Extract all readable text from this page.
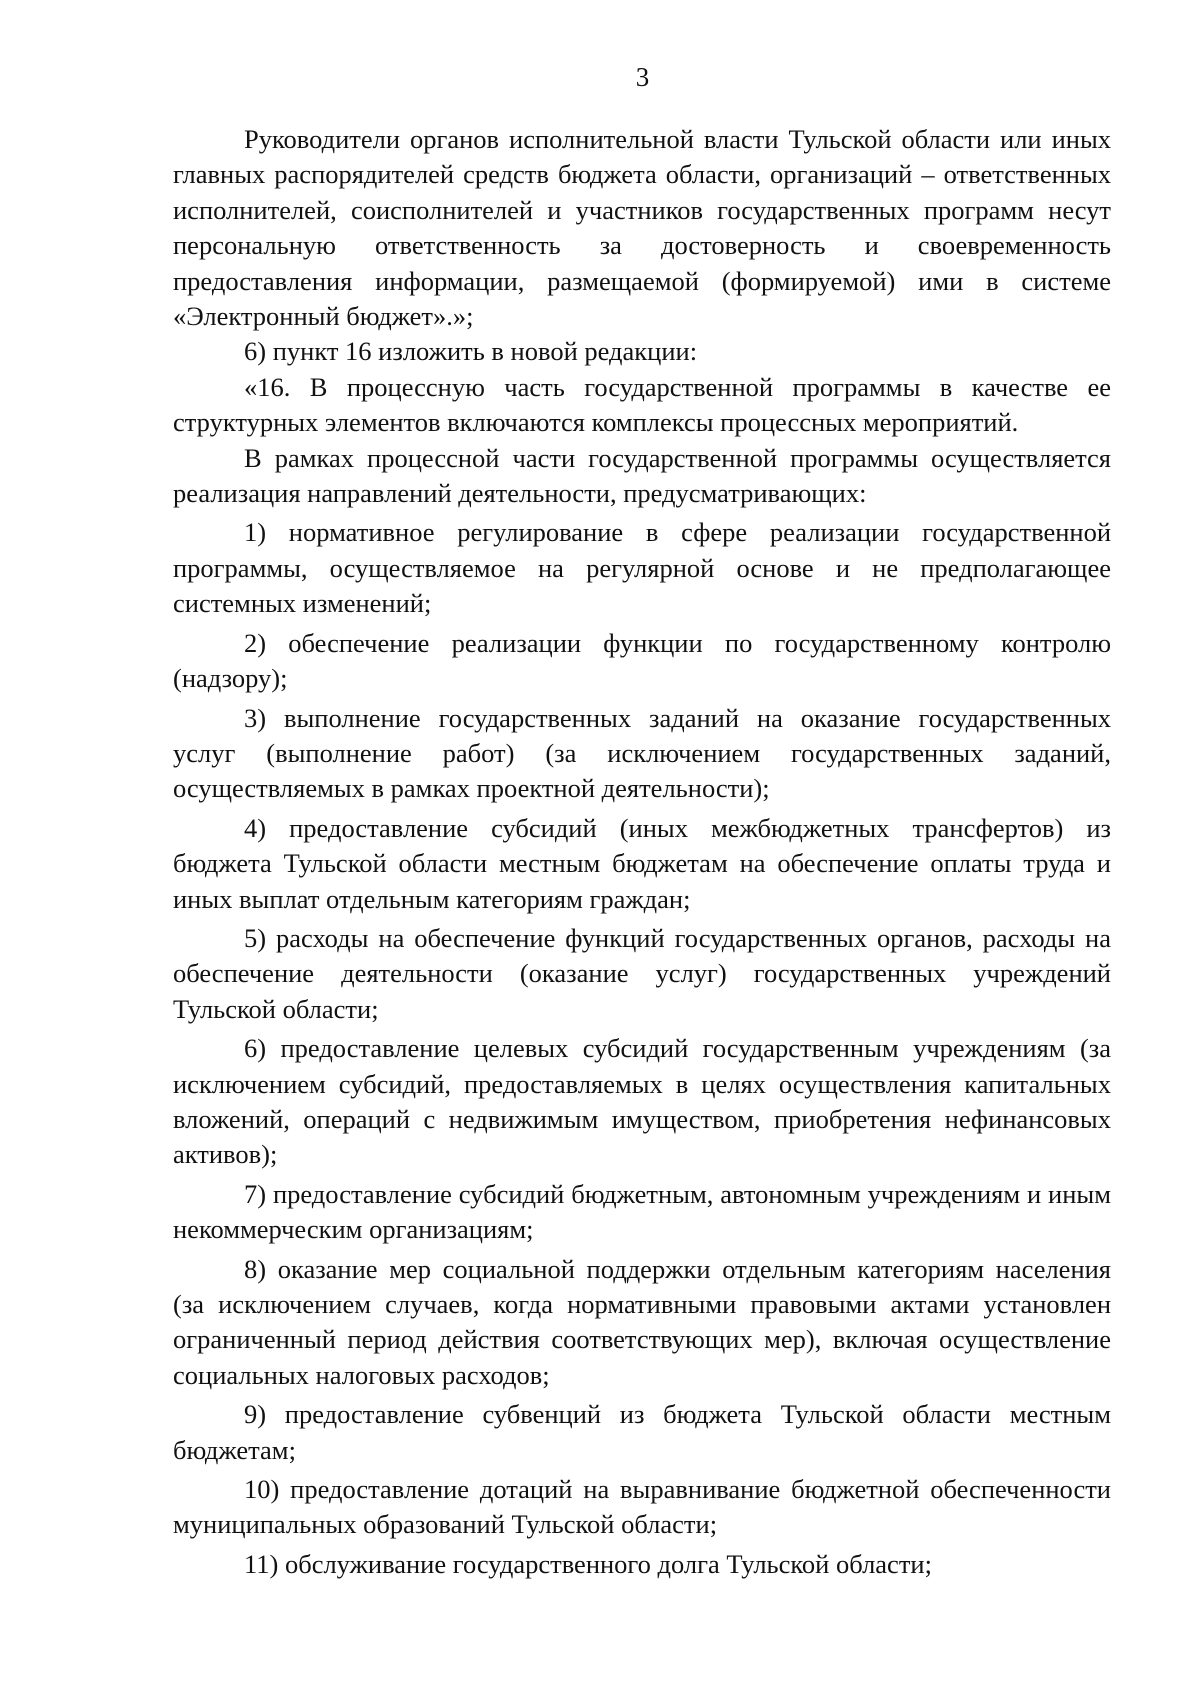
3

Руководители органов исполнительной власти Тульской области или иных главных распорядителей средств бюджета области, организаций – ответственных исполнителей, соисполнителей и участников государственных программ несут персональную ответственность за достоверность и своевременность предоставления информации, размещаемой (формируемой) ими в системе «Электронный бюджет».»;

6) пункт 16 изложить в новой редакции:

«16. В процессную часть государственной программы в качестве ее структурных элементов включаются комплексы процессных мероприятий.

В рамках процессной части государственной программы осуществляется реализация направлений деятельности, предусматривающих:

1) нормативное регулирование в сфере реализации государственной программы, осуществляемое на регулярной основе и не предполагающее системных изменений;

2) обеспечение реализации функции по государственному контролю (надзору);

3) выполнение государственных заданий на оказание государственных услуг (выполнение работ) (за исключением государственных заданий, осуществляемых в рамках проектной деятельности);

4) предоставление субсидий (иных межбюджетных трансфертов) из бюджета Тульской области местным бюджетам на обеспечение оплаты труда и иных выплат отдельным категориям граждан;

5) расходы на обеспечение функций государственных органов, расходы на обеспечение деятельности (оказание услуг) государственных учреждений Тульской области;

6) предоставление целевых субсидий государственным учреждениям (за исключением субсидий, предоставляемых в целях осуществления капитальных вложений, операций с недвижимым имуществом, приобретения нефинансовых активов);

7) предоставление субсидий бюджетным, автономным учреждениям и иным некоммерческим организациям;

8) оказание мер социальной поддержки отдельным категориям населения (за исключением случаев, когда нормативными правовыми актами установлен ограниченный период действия соответствующих мер), включая осуществление социальных налоговых расходов;

9) предоставление субвенций из бюджета Тульской области местным бюджетам;

10) предоставление дотаций на выравнивание бюджетной обеспеченности муниципальных образований Тульской области;

11) обслуживание государственного долга Тульской области;
